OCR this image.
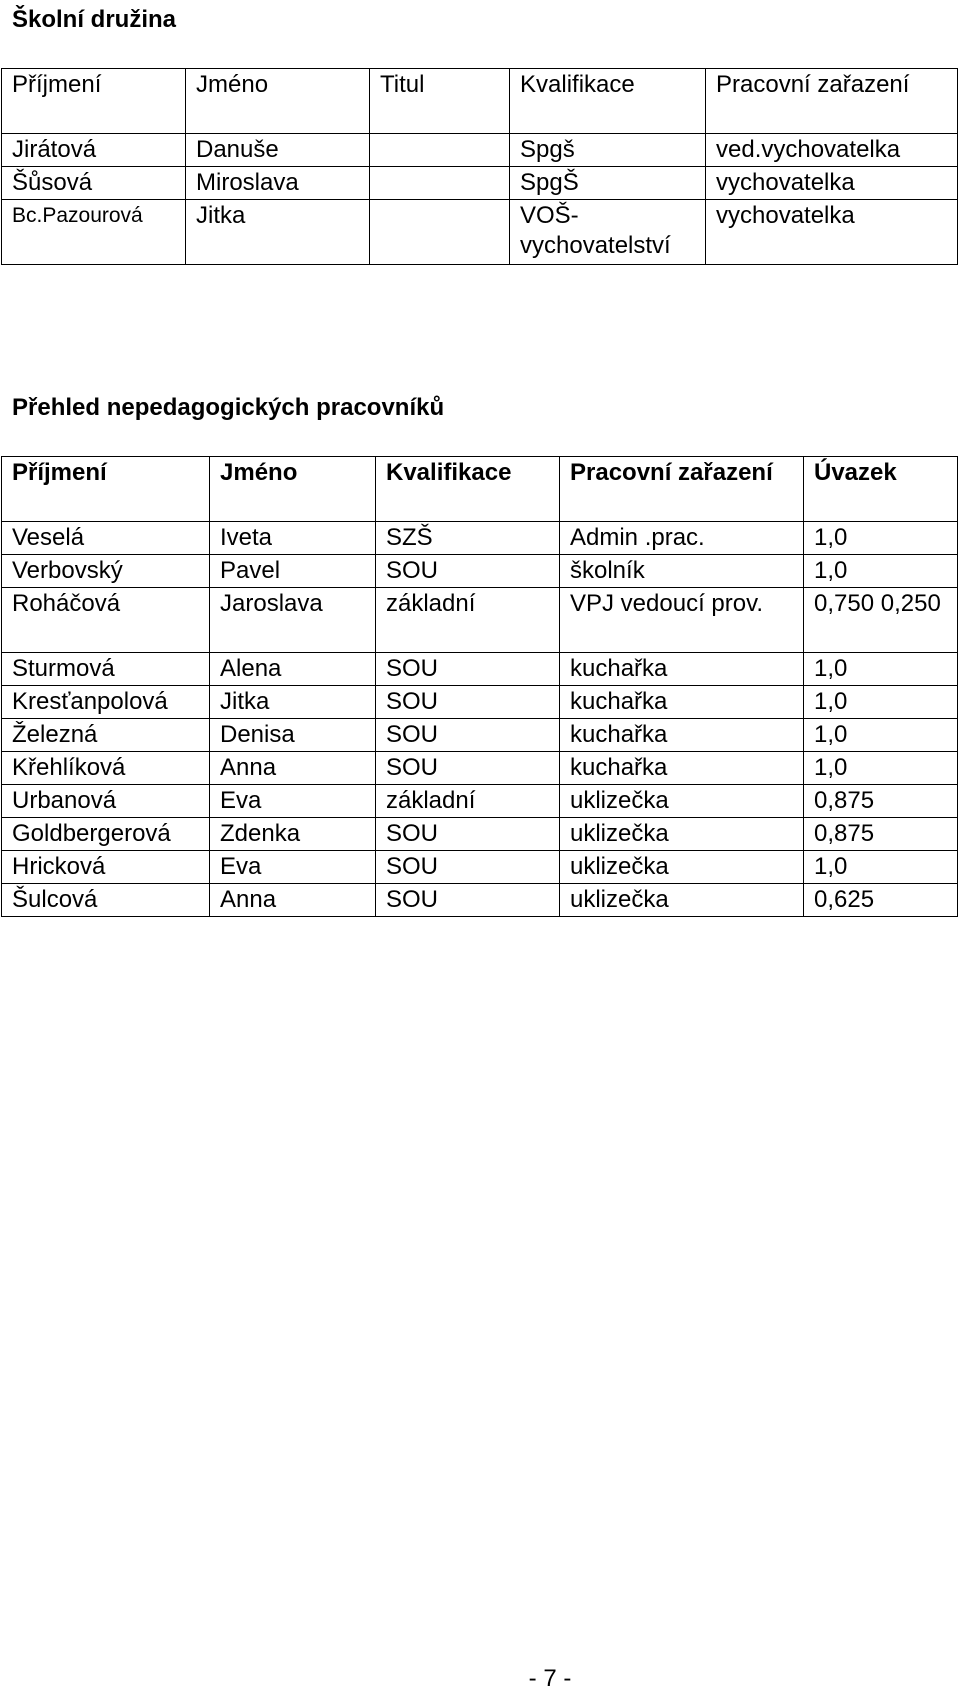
Školní družina
Příjmení	Jméno	Titul	Kvalifikace	Pracovní zařazení
Jirátová	Danuše		Spgš	ved.vychovatelka
Šůsová	Miroslava		SpgŠ	vychovatelka
Bc.Pazourová	Jitka		VOŠ- vychovatelství	vychovatelka
Přehled nepedagogických pracovníků
Příjmení	Jméno	Kvalifikace	Pracovní zařazení	Úvazek
Veselá	Iveta	SZŠ	Admin .prac.	1,0
Verbovský	Pavel	SOU	školník	1,0
Roháčová	Jaroslava	základní	VPJ vedoucí prov.	0,750 0,250
Sturmová	Alena	SOU	kuchařka	1,0
Kresťanpolová	Jitka	SOU	kuchařka	1,0
Železná	Denisa	SOU	kuchařka	1,0
Křehlíková	Anna	SOU	kuchařka	1,0
Urbanová	Eva	základní	uklizečka	0,875
Goldbergerová	Zdenka	SOU	uklizečka	0,875
Hricková	Eva	SOU	uklizečka	1,0
Šulcová	Anna	SOU	uklizečka	0,625
- 7 -
